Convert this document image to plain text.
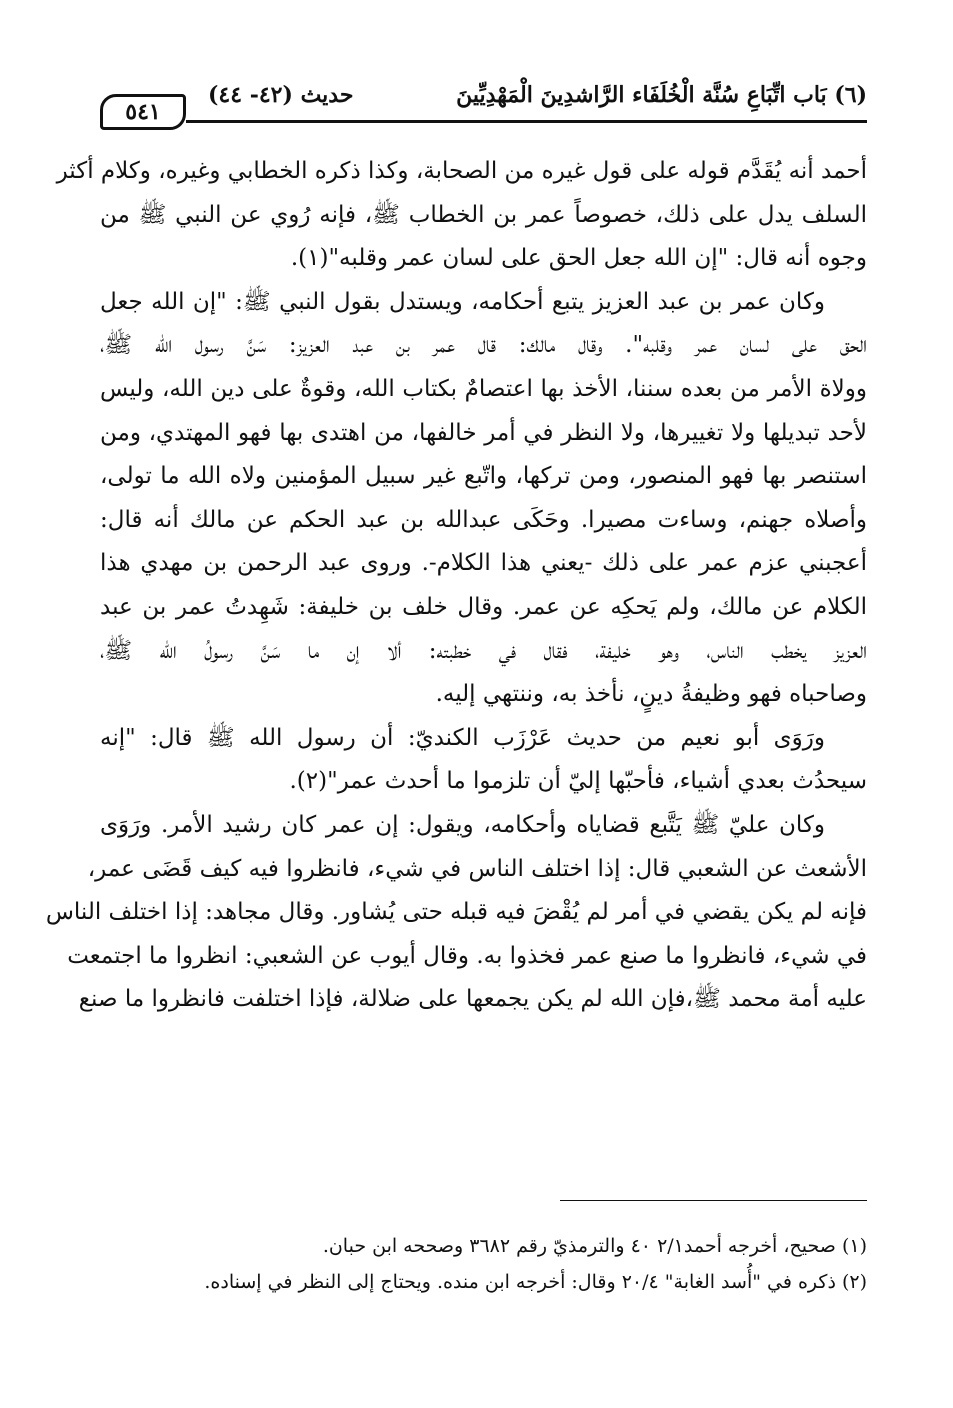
٥٤١
حديث (٤٢- ٤٤)	(٦) بَاب اتِّبَاعِ سُنَّة الْخُلَفَاء الرَّاشدِينَ الْمَهْدِيِّينَ

أحمد أنه يُقَدَّم قوله على قول غيره من الصحابة، وكذا ذكره الخطابي وغيره، وكلام أكثر
السلف يدل على ذلك، خصوصاً عمر بن الخطاب ﷺ، فإنه رُوي عن النبي ﷺ من
وجوه أنه قال: "إن الله جعل الحق على لسان عمر وقلبه"(١).

وكان عمر بن عبد العزيز يتبع أحكامه، ويستدل بقول النبي ﷺ: "إن الله جعل
الحق على لسان عمر وقلبه". وقال مالك: قال عمر بن عبد العزيز: سَنَّ رسول الله ﷺ،
وولاة الأمر من بعده سننا، الأخذ بها اعتصامٌ بكتاب الله، وقوةٌ على دين الله، وليس
لأحد تبديلها ولا تغييرها، ولا النظر في أمر خالفها، من اهتدى بها فهو المهتدي، ومن
استنصر بها فهو المنصور، ومن تركها، واتّبع غير سبيل المؤمنين ولاه الله ما تولى،
وأصلاه جهنم، وساءت مصيرا. وحَكَى عبدالله بن عبد الحكم عن مالك أنه قال:
أعجبني عزم عمر على ذلك -يعني هذا الكلام-. وروى عبد الرحمن بن مهدي هذا
الكلام عن مالك، ولم يَحكِه عن عمر. وقال خلف بن خليفة: شَهِدتُ عمر بن عبد
العزيز يخطب الناس، وهو خليفة، فقال في خطبته: ألا إن ما سَنَّ رسولُ الله ﷺ،
وصاحباه فهو وظيفةُ دينٍ، نأخذ به، وننتهي إليه.

ورَوَى أبو نعيم من حديث عَرْزَب الكنديّ: أن رسول الله ﷺ قال: "إنه
سيحدُث بعدي أشياء، فأحبّها إليّ أن تلزموا ما أحدث عمر"(٢).

وكان عليّ ﷺ يَتَّبع قضاياه وأحكامه، ويقول: إن عمر كان رشيد الأمر. ورَوَى
الأشعث عن الشعبي قال: إذا اختلف الناس في شيء، فانظروا فيه كيف قَضَى عمر،
فإنه لم يكن يقضي في أمر لم يُقْضَ فيه قبله حتى يُشاور. وقال مجاهد: إذا اختلف الناس
في شيء، فانظروا ما صنع عمر فخذوا به. وقال أيوب عن الشعبي: انظروا ما اجتمعت
عليه أمة محمد ﷺ،فإن الله لم يكن يجمعها على ضلالة، فإذا اختلفت فانظروا ما صنع

(١) صحيح، أخرجه أحمد٢/١ ٤٠ والترمذيّ رقم ٣٦٨٢ وصححه ابن حبان.
(٢) ذكره في "أُسد الغابة" ٢٠/٤ وقال: أخرجه ابن منده. ويحتاج إلى النظر في إسناده.
